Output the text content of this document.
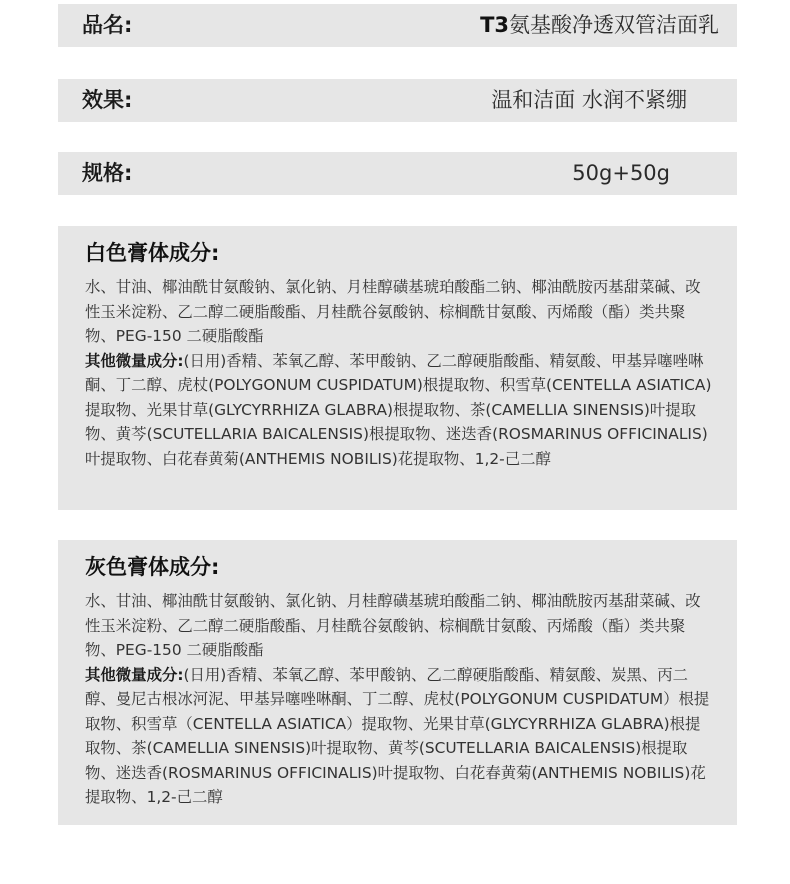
品名:	T3氨基酸净透双管洁面乳
效果:	温和洁面 水润不紧绷
规格:	50g+50g
白色膏体成分:

水、甘油、椰油酰甘氨酸钠、氯化钠、月桂醇磺基琥珀酸酯二钠、椰油酰胺丙基甜菜碱、改性玉米淀粉、乙二醇二硬脂酸酯、月桂酰谷氨酸钠、棕榈酰甘氨酸、丙烯酸（酯）类共聚物、PEG-150 二硬脂酸酯

其他微量成分:(日用)香精、苯氧乙醇、苯甲酸钠、乙二醇硬脂酸酯、精氨酸、甲基异噻唑啉酮、丁二醇、虎杖(POLYGONUM CUSPIDATUM)根提取物、积雪草(CENTELLA ASIATICA)提取物、光果甘草(GLYCYRRHIZA GLABRA)根提取物、茶(CAMELLIA SINENSIS)叶提取物、黄芩(SCUTELLARIA BAICALENSIS)根提取物、迷迭香(ROSMARINUS OFFICINALIS)叶提取物、白花春黄菊(ANTHEMIS NOBILIS)花提取物、1,2-己二醇

灰色膏体成分:

水、甘油、椰油酰甘氨酸钠、氯化钠、月桂醇磺基琥珀酸酯二钠、椰油酰胺丙基甜菜碱、改性玉米淀粉、乙二醇二硬脂酸酯、月桂酰谷氨酸钠、棕榈酰甘氨酸、丙烯酸（酯）类共聚物、PEG-150 二硬脂酸酯

其他微量成分:(日用)香精、苯氧乙醇、苯甲酸钠、乙二醇硬脂酸酯、精氨酸、炭黑、丙二醇、曼尼古根冰河泥、甲基异噻唑啉酮、丁二醇、虎杖(POLYGONUM CUSPIDATUM）根提取物、积雪草（CENTELLA ASIATICA）提取物、光果甘草(GLYCYRRHIZA GLABRA)根提取物、茶(CAMELLIA SINENSIS)叶提取物、黄芩(SCUTELLARIA BAICALENSIS)根提取物、迷迭香(ROSMARINUS OFFICINALIS)叶提取物、白花春黄菊(ANTHEMIS NOBILIS)花提取物、1,2-己二醇
